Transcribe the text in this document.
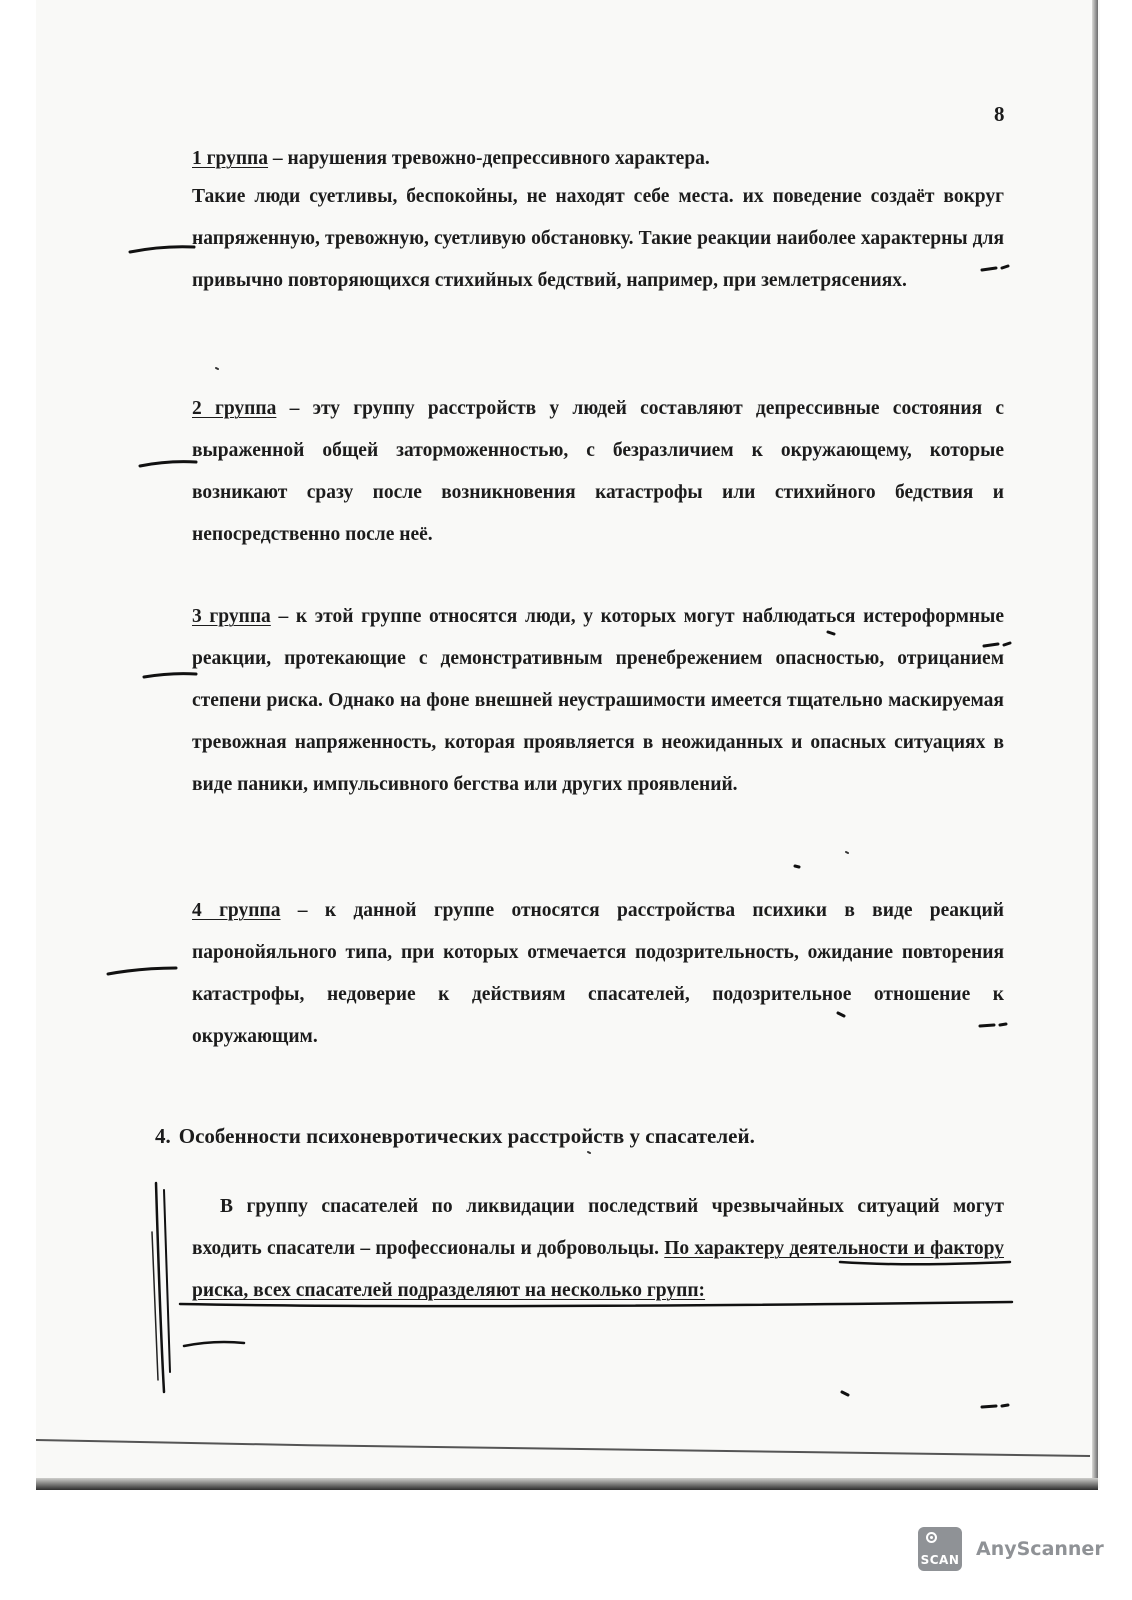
8

1 группа – нарушения тревожно-депрессивного характера.

Такие люди суетливы, беспокойны, не находят себе места. их поведение создаёт вокруг напряженную, тревожную, суетливую обстановку. Такие реакции наиболее характерны для привычно повторяющихся стихийных бедствий, например, при землетрясениях.

2 группа – эту группу расстройств у людей составляют депрессивные состояния с выраженной общей заторможенностью, с безразличием к окружающему, которые возникают сразу после возникновения катастрофы или стихийного бедствия и непосредственно после неё.

3 группа – к этой группе относятся люди, у которых могут наблюдаться истероформные реакции, протекающие с демонстративным пренебрежением опасностью, отрицанием степени риска. Однако на фоне внешней неустрашимости имеется тщательно маскируемая тревожная напряженность, которая проявляется в неожиданных и опасных ситуациях в виде паники, импульсивного бегства или других проявлений.

4 группа – к данной группе относятся расстройства психики в виде реакций паронойяльного типа, при которых отмечается подозрительность, ожидание повторения катастрофы, недоверие к действиям спасателей, подозрительное отношение к окружающим.

4. Особенности психоневротических расстройств у спасателей.

В группу спасателей по ликвидации последствий чрезвычайных ситуаций могут входить спасатели – профессионалы и добровольцы. По характеру деятельности и фактору риска, всех спасателей подразделяют на несколько групп:

SCAN AnyScanner
